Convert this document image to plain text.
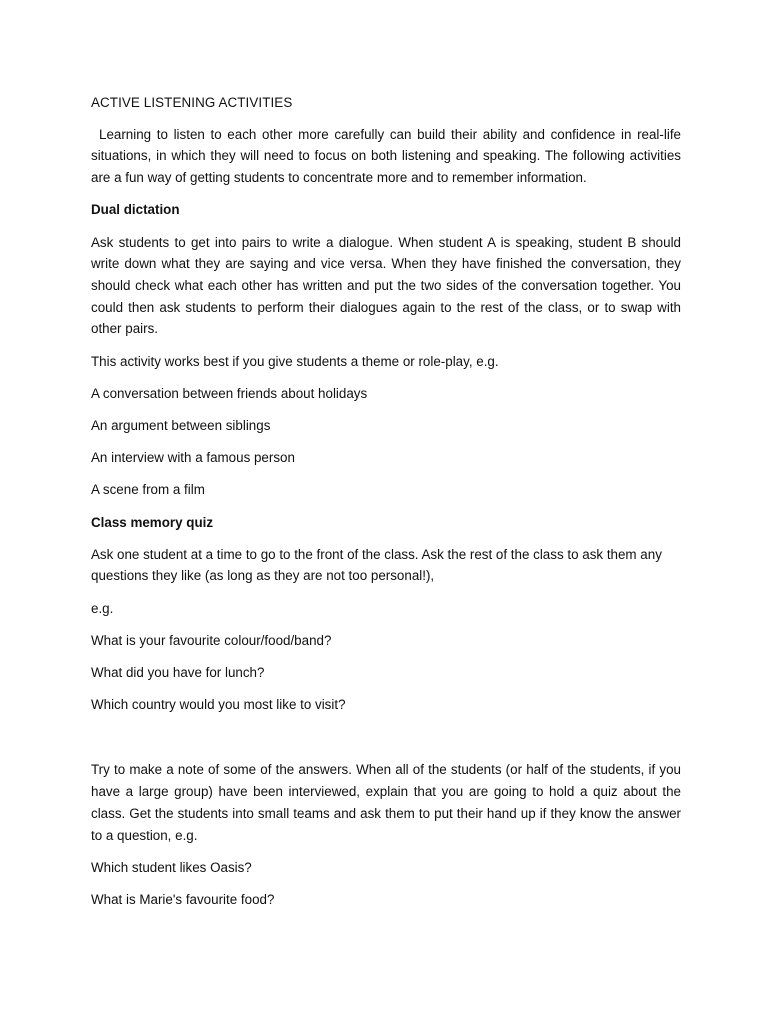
ACTIVE LISTENING ACTIVITIES

Learning to listen to each other more carefully can build their ability and confidence in real-life situations, in which they will need to focus on both listening and speaking. The following activities are a fun way of getting students to concentrate more and to remember information.

Dual dictation

Ask students to get into pairs to write a dialogue. When student A is speaking, student B should write down what they are saying and vice versa. When they have finished the conversation, they should check what each other has written and put the two sides of the conversation together. You could then ask students to perform their dialogues again to the rest of the class, or to swap with other pairs.

This activity works best if you give students a theme or role-play, e.g.

A conversation between friends about holidays

An argument between siblings

An interview with a famous person

A scene from a film

Class memory quiz

Ask one student at a time to go to the front of the class. Ask the rest of the class to ask them any questions they like (as long as they are not too personal!),

e.g.

What is your favourite colour/food/band?

What did you have for lunch?

Which country would you most like to visit?

Try to make a note of some of the answers. When all of the students (or half of the students, if you have a large group) have been interviewed, explain that you are going to hold a quiz about the class. Get the students into small teams and ask them to put their hand up if they know the answer to a question, e.g.

Which student likes Oasis?

What is Marie's favourite food?
